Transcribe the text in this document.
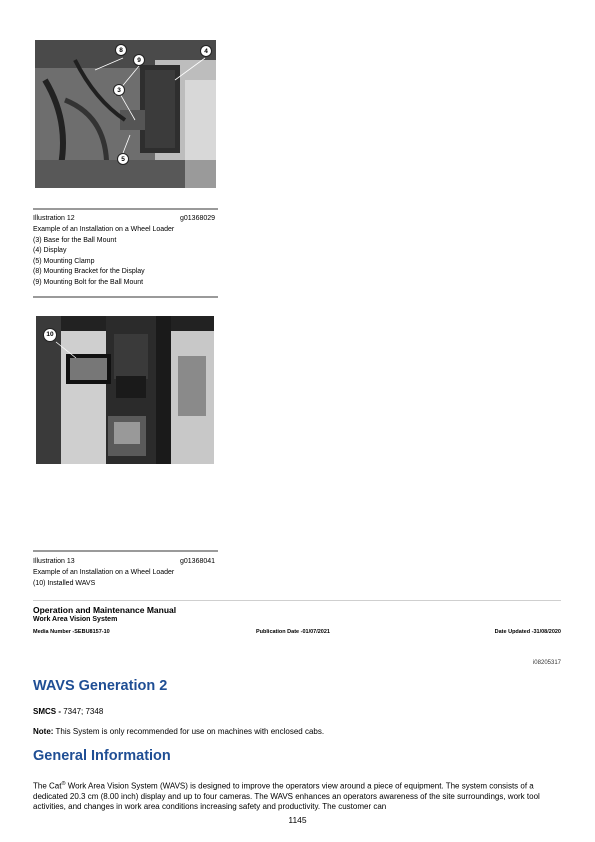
8
9
4
3
5
Illustration 12	g01368029
Example of an Installation on a Wheel Loader
(3) Base for the Ball Mount
(4) Display
(5) Mounting Clamp
(8) Mounting Bracket for the Display
(9) Mounting Bolt for the Ball Mount
10
Illustration 13	g01368041
Example of an Installation on a Wheel Loader
(10) Installed WAVS
Operation and Maintenance Manual
Work Area Vision System
Media Number -SEBU8157-10	Publication Date -01/07/2021	Date Updated -31/08/2020
i08205317
WAVS Generation 2
SMCS - 7347; 7348
Note: This System is only recommended for use on machines with enclosed cabs.
General Information
The Cat® Work Area Vision System (WAVS) is designed to improve the operators view around a piece of equipment. The system consists of a dedicated 20.3 cm (8.00 inch) display and up to four cameras. The WAVS enhances an operators awareness of the site surroundings, work tool activities, and changes in work area conditions increasing safety and productivity. The customer can
1145
